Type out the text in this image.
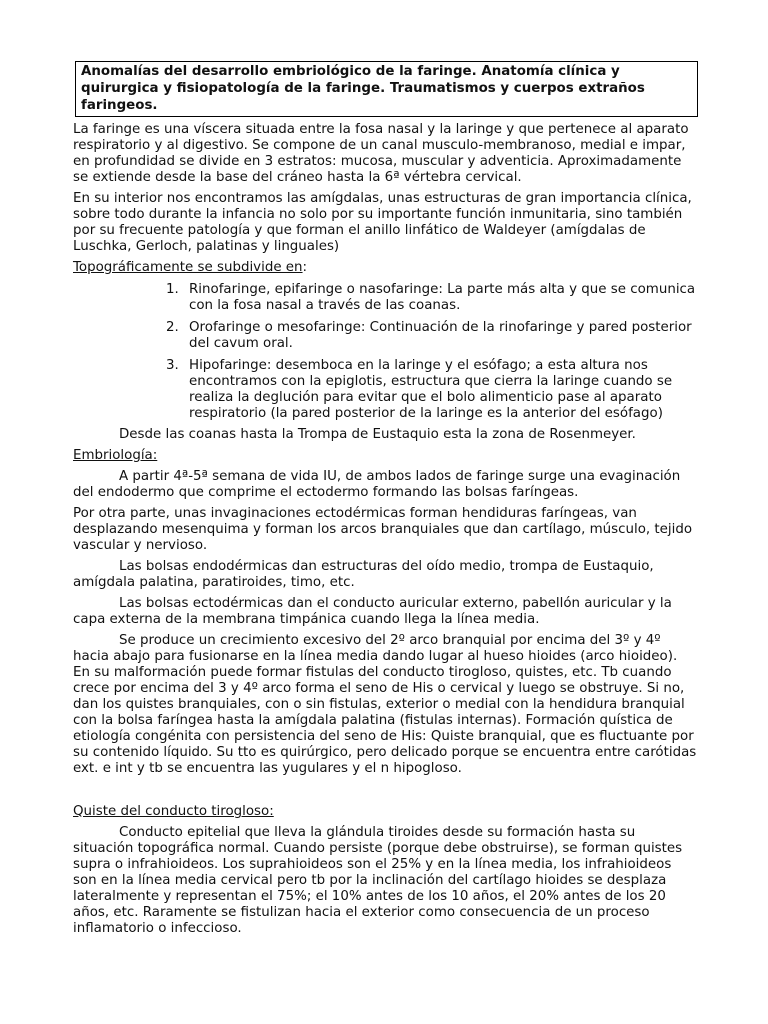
Anomalías del desarrollo embriológico de la faringe. Anatomía clínica y quirurgica y fisiopatología de la faringe. Traumatismos y cuerpos extraños faringeos.

La faringe es una víscera situada entre la fosa nasal y la laringe y que pertenece al aparato respiratorio y al digestivo. Se compone de un canal musculo-membranoso, medial e impar, en profundidad se divide en 3 estratos: mucosa, muscular y adventicia. Aproximadamente se extiende desde la base del cráneo hasta la 6ª vértebra cervical.

En su interior nos encontramos las amígdalas, unas estructuras de gran importancia clínica, sobre todo durante la infancia no solo por su importante función inmunitaria, sino también por su frecuente patología y que forman el anillo linfático de Waldeyer (amígdalas de Luschka, Gerloch, palatinas y linguales)

Topográficamente se subdivide en:

1. Rinofaringe, epifaringe o nasofaringe: La parte más alta y que se comunica con la fosa nasal a través de las coanas.
2. Orofaringe o mesofaringe: Continuación de la rinofaringe y pared posterior del cavum oral.
3. Hipofaringe: desemboca en la laringe y el esófago; a esta altura nos encontramos con la epiglotis, estructura que cierra la laringe cuando se realiza la deglución para evitar que el bolo alimenticio pase al aparato respiratorio (la pared posterior de la laringe es la anterior del esófago)

Desde las coanas hasta la Trompa de Eustaquio esta la zona de Rosenmeyer.

Embriología:

A partir 4ª-5ª semana de vida IU, de ambos lados de faringe surge una evaginación del endodermo que comprime el ectodermo formando las bolsas faríngeas.

Por otra parte, unas invaginaciones ectodérmicas forman hendiduras faríngeas, van desplazando mesenquima y forman los arcos branquiales que dan cartílago, músculo, tejido vascular y nervioso.

Las bolsas endodérmicas dan estructuras del oído medio, trompa de Eustaquio, amígdala palatina, paratiroides, timo, etc.

Las bolsas ectodérmicas dan el conducto auricular externo, pabellón auricular y la capa externa de la membrana timpánica cuando llega la línea media.

Se produce un crecimiento excesivo del 2º arco branquial por encima del 3º y 4º hacia abajo para fusionarse en la línea media dando lugar al hueso hioides (arco hioideo). En su malformación puede formar fistulas del conducto tirogloso, quistes, etc. Tb cuando crece por encima del 3 y 4º arco forma el seno de His o cervical y luego se obstruye. Si no, dan los quistes branquiales, con o sin fistulas, exterior o medial con la hendidura branquial con la bolsa faríngea hasta la amígdala palatina (fistulas internas). Formación quística de etiología congénita con persistencia del seno de His: Quiste branquial, que es fluctuante por su contenido líquido. Su tto es quirúrgico, pero delicado porque se encuentra entre carótidas ext. e int y tb se encuentra las yugulares y el n hipogloso.

Quiste del conducto tirogloso:

Conducto epitelial que lleva la glándula tiroides desde su formación hasta su situación topográfica normal. Cuando persiste (porque debe obstruirse), se forman quistes supra o infrahioideos. Los suprahioideos son el 25% y en la línea media, los infrahioideos son en la línea media cervical pero tb por la inclinación del cartílago hioides se desplaza lateralmente y representan el 75%; el 10% antes de los 10 años, el 20% antes de los 20 años, etc. Raramente se fistulizan hacia el exterior como consecuencia de un proceso inflamatorio o infeccioso.
